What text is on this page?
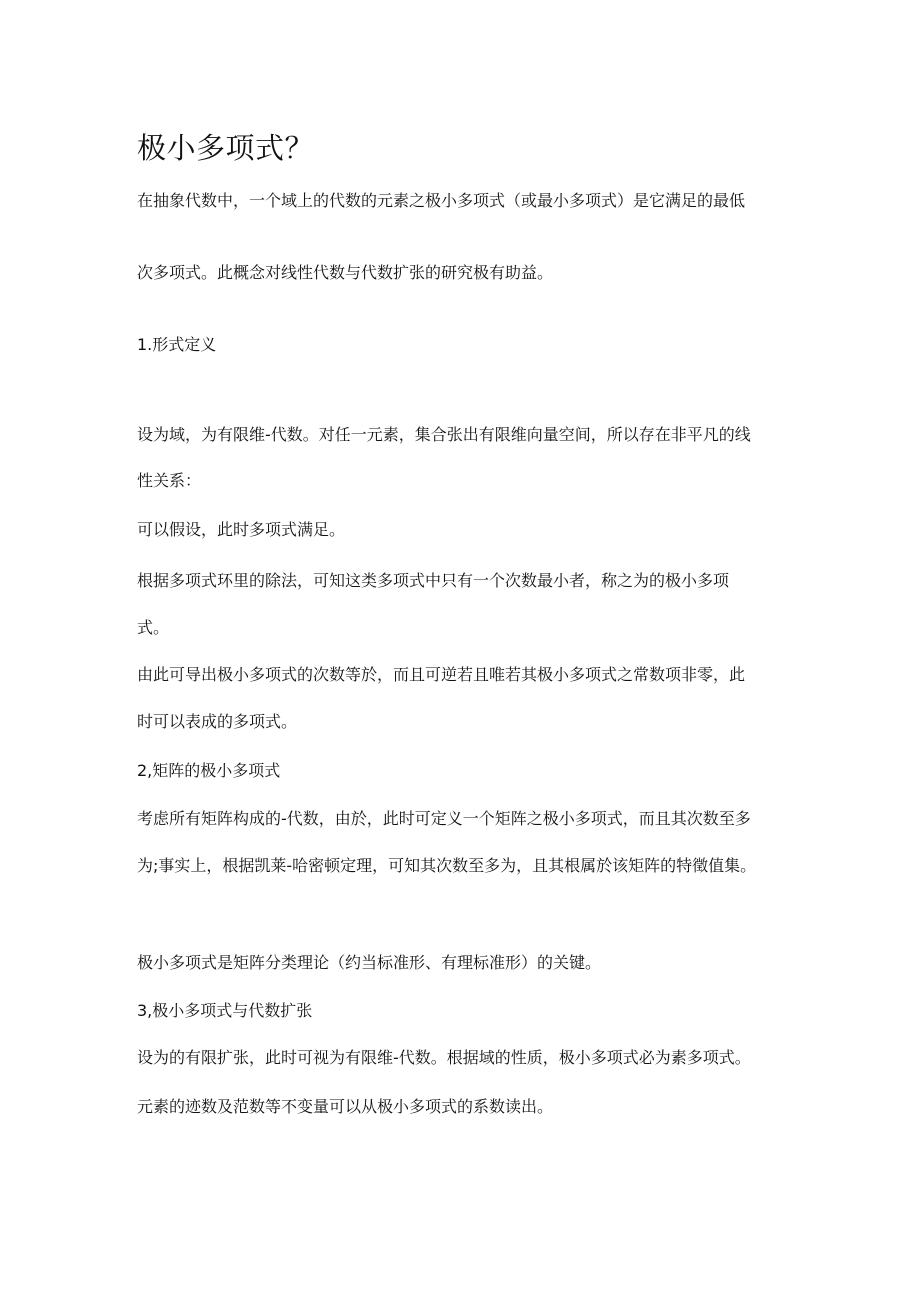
极小多项式？

在抽象代数中，一个域上的代数的元素之极小多项式（或最小多项式）是它满足的最低

次多项式。此概念对线性代数与代数扩张的研究极有助益。

1.形式定义

设为域，为有限维-代数。对任一元素，集合张出有限维向量空间，所以存在非平凡的线

性关系：

可以假设，此时多项式满足。

根据多项式环里的除法，可知这类多项式中只有一个次数最小者，称之为的极小多项

式。

由此可导出极小多项式的次数等於，而且可逆若且唯若其极小多项式之常数项非零，此

时可以表成的多项式。

2,矩阵的极小多项式

考虑所有矩阵构成的-代数，由於，此时可定义一个矩阵之极小多项式，而且其次数至多

为;事实上，根据凯莱-哈密顿定理，可知其次数至多为，且其根属於该矩阵的特徵值集。

极小多项式是矩阵分类理论（约当标准形、有理标准形）的关键。

3,极小多项式与代数扩张

设为的有限扩张，此时可视为有限维-代数。根据域的性质，极小多项式必为素多项式。

元素的迹数及范数等不变量可以从极小多项式的系数读出。
